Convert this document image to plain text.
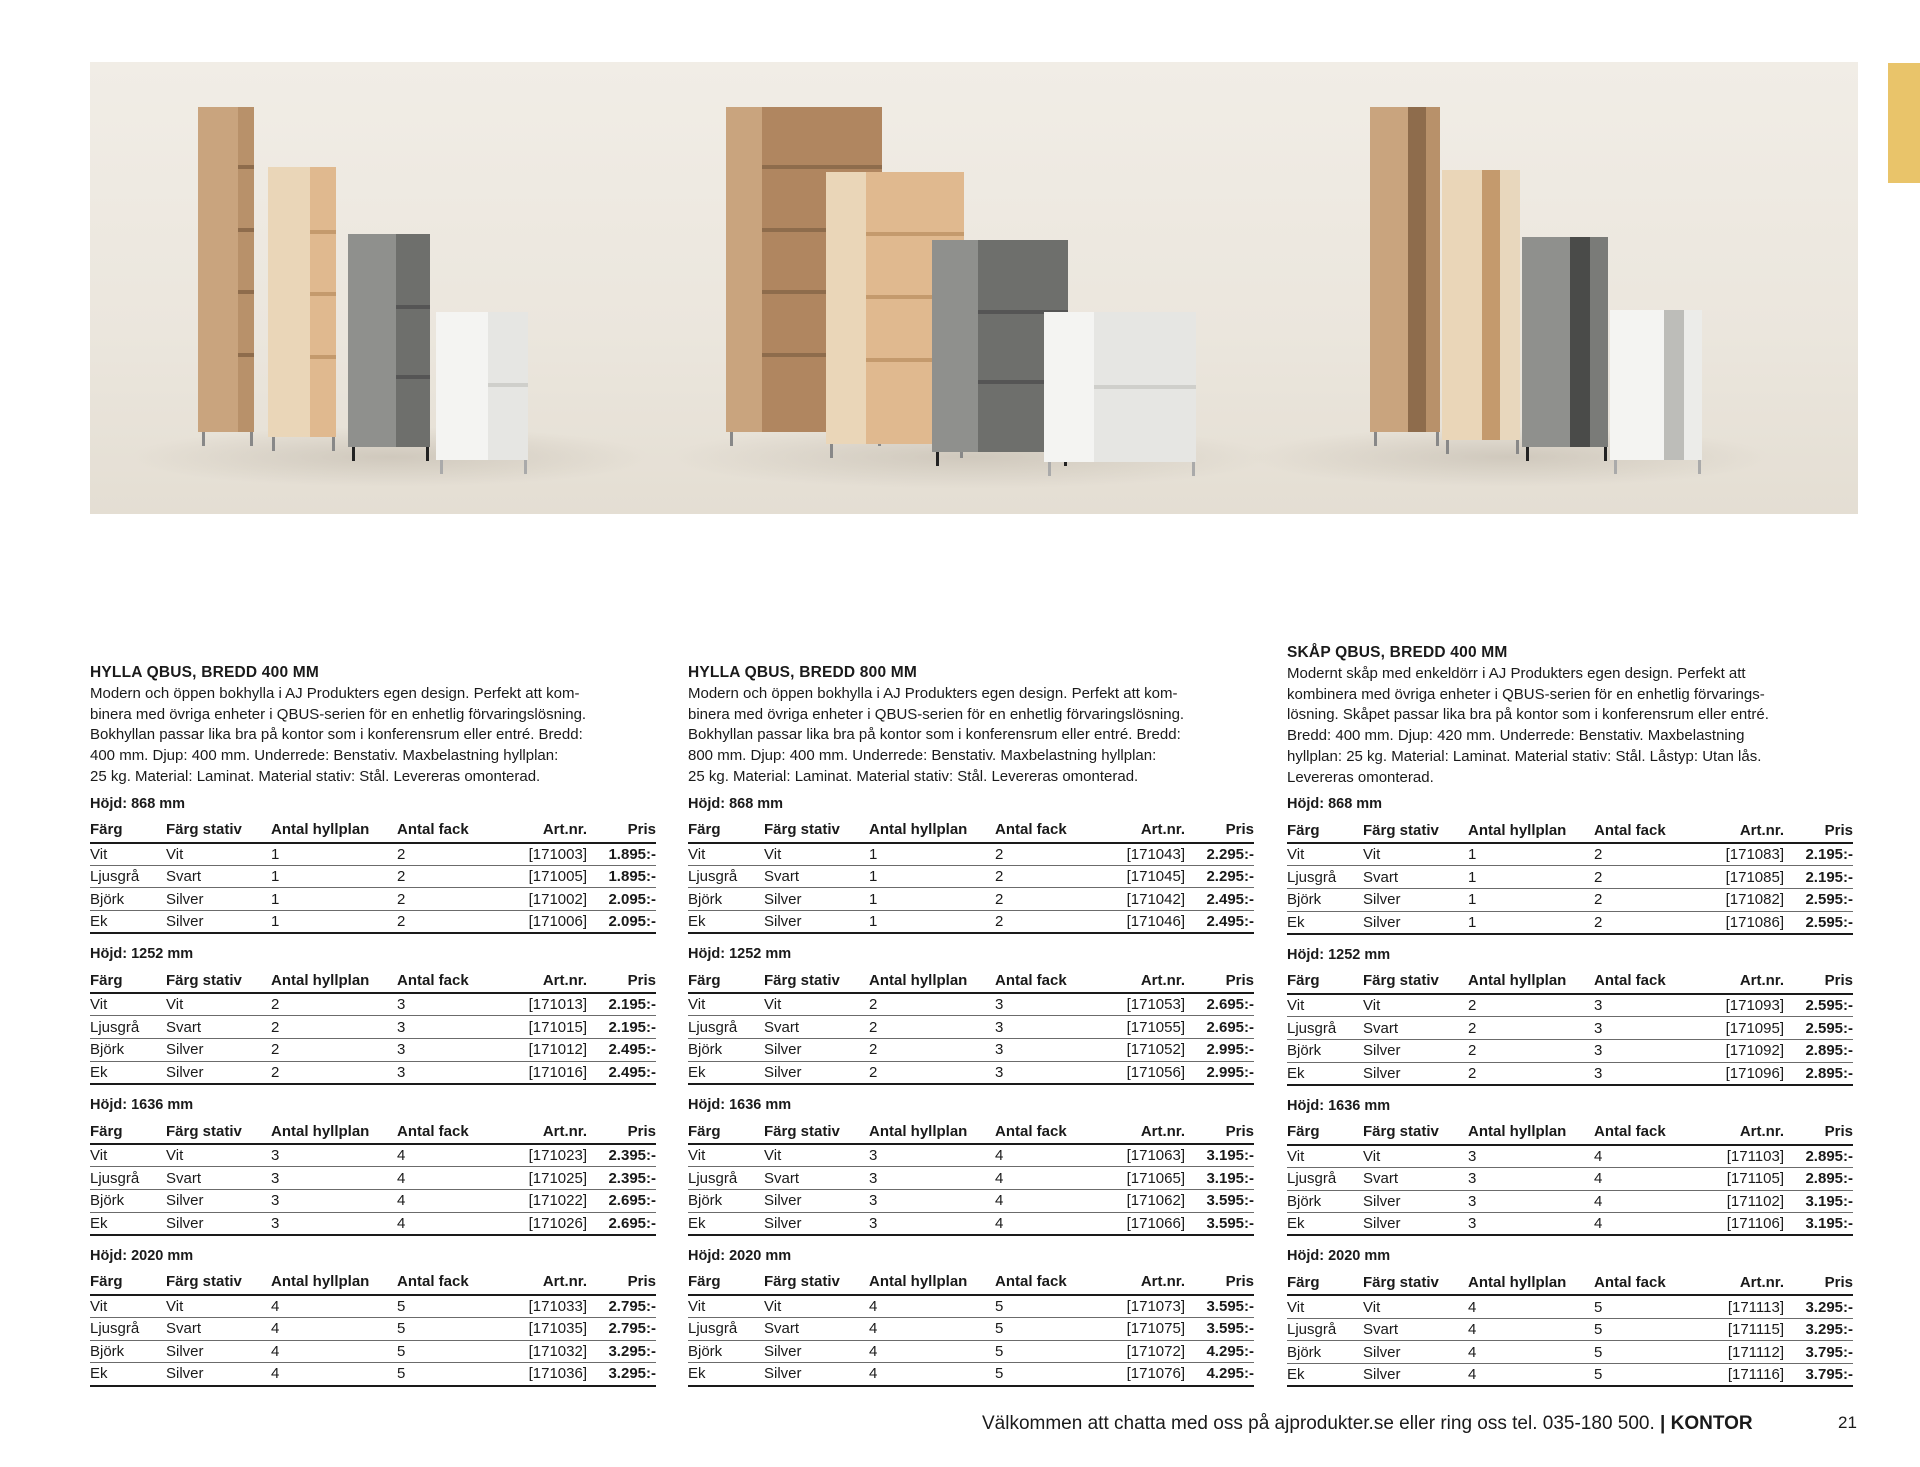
HYLLA QBUS, BREDD 400 MM

Modern och öppen bokhylla i AJ Produkters egen design. Perfekt att kom-
binera med övriga enheter i QBUS-serien för en enhetlig förvaringslösning.
Bokhyllan passar lika bra på kontor som i konferensrum eller entré. Bredd:
400 mm. Djup: 400 mm. Underrede: Benstativ. Maxbelastning hyllplan:
25 kg. Material: Laminat. Material stativ: Stål. Levereras omonterad.

Höjd: 868 mm
Färg	Färg stativ	Antal hyllplan	Antal fack	Art.nr.	Pris
Vit	Vit	1	2	[171003]	1.895:-
Ljusgrå	Svart	1	2	[171005]	1.895:-
Björk	Silver	1	2	[171002]	2.095:-
Ek	Silver	1	2	[171006]	2.095:-
Höjd: 1252 mm
Färg	Färg stativ	Antal hyllplan	Antal fack	Art.nr.	Pris
Vit	Vit	2	3	[171013]	2.195:-
Ljusgrå	Svart	2	3	[171015]	2.195:-
Björk	Silver	2	3	[171012]	2.495:-
Ek	Silver	2	3	[171016]	2.495:-
Höjd: 1636 mm
Färg	Färg stativ	Antal hyllplan	Antal fack	Art.nr.	Pris
Vit	Vit	3	4	[171023]	2.395:-
Ljusgrå	Svart	3	4	[171025]	2.395:-
Björk	Silver	3	4	[171022]	2.695:-
Ek	Silver	3	4	[171026]	2.695:-
Höjd: 2020 mm
Färg	Färg stativ	Antal hyllplan	Antal fack	Art.nr.	Pris
Vit	Vit	4	5	[171033]	2.795:-
Ljusgrå	Svart	4	5	[171035]	2.795:-
Björk	Silver	4	5	[171032]	3.295:-
Ek	Silver	4	5	[171036]	3.295:-
HYLLA QBUS, BREDD 800 MM

Modern och öppen bokhylla i AJ Produkters egen design. Perfekt att kom-
binera med övriga enheter i QBUS-serien för en enhetlig förvaringslösning.
Bokhyllan passar lika bra på kontor som i konferensrum eller entré. Bredd:
800 mm. Djup: 400 mm. Underrede: Benstativ. Maxbelastning hyllplan:
25 kg. Material: Laminat. Material stativ: Stål. Levereras omonterad.

Höjd: 868 mm
Färg	Färg stativ	Antal hyllplan	Antal fack	Art.nr.	Pris
Vit	Vit	1	2	[171043]	2.295:-
Ljusgrå	Svart	1	2	[171045]	2.295:-
Björk	Silver	1	2	[171042]	2.495:-
Ek	Silver	1	2	[171046]	2.495:-
Höjd: 1252 mm
Färg	Färg stativ	Antal hyllplan	Antal fack	Art.nr.	Pris
Vit	Vit	2	3	[171053]	2.695:-
Ljusgrå	Svart	2	3	[171055]	2.695:-
Björk	Silver	2	3	[171052]	2.995:-
Ek	Silver	2	3	[171056]	2.995:-
Höjd: 1636 mm
Färg	Färg stativ	Antal hyllplan	Antal fack	Art.nr.	Pris
Vit	Vit	3	4	[171063]	3.195:-
Ljusgrå	Svart	3	4	[171065]	3.195:-
Björk	Silver	3	4	[171062]	3.595:-
Ek	Silver	3	4	[171066]	3.595:-
Höjd: 2020 mm
Färg	Färg stativ	Antal hyllplan	Antal fack	Art.nr.	Pris
Vit	Vit	4	5	[171073]	3.595:-
Ljusgrå	Svart	4	5	[171075]	3.595:-
Björk	Silver	4	5	[171072]	4.295:-
Ek	Silver	4	5	[171076]	4.295:-
SKÅP QBUS, BREDD 400 MM

Modernt skåp med enkeldörr i AJ Produkters egen design. Perfekt att
kombinera med övriga enheter i QBUS-serien för en enhetlig förvarings-
lösning. Skåpet passar lika bra på kontor som i konferensrum eller entré.
Bredd: 400 mm. Djup: 420 mm. Underrede: Benstativ. Maxbelastning
hyllplan: 25 kg. Material: Laminat. Material stativ: Stål. Låstyp: Utan lås.
Levereras omonterad.

Höjd: 868 mm
Färg	Färg stativ	Antal hyllplan	Antal fack	Art.nr.	Pris
Vit	Vit	1	2	[171083]	2.195:-
Ljusgrå	Svart	1	2	[171085]	2.195:-
Björk	Silver	1	2	[171082]	2.595:-
Ek	Silver	1	2	[171086]	2.595:-
Höjd: 1252 mm
Färg	Färg stativ	Antal hyllplan	Antal fack	Art.nr.	Pris
Vit	Vit	2	3	[171093]	2.595:-
Ljusgrå	Svart	2	3	[171095]	2.595:-
Björk	Silver	2	3	[171092]	2.895:-
Ek	Silver	2	3	[171096]	2.895:-
Höjd: 1636 mm
Färg	Färg stativ	Antal hyllplan	Antal fack	Art.nr.	Pris
Vit	Vit	3	4	[171103]	2.895:-
Ljusgrå	Svart	3	4	[171105]	2.895:-
Björk	Silver	3	4	[171102]	3.195:-
Ek	Silver	3	4	[171106]	3.195:-
Höjd: 2020 mm
Färg	Färg stativ	Antal hyllplan	Antal fack	Art.nr.	Pris
Vit	Vit	4	5	[171113]	3.295:-
Ljusgrå	Svart	4	5	[171115]	3.295:-
Björk	Silver	4	5	[171112]	3.795:-
Ek	Silver	4	5	[171116]	3.795:-
Välkommen att chatta med oss på ajprodukter.se eller ring oss tel. 035-180 500. | KONTOR	21
